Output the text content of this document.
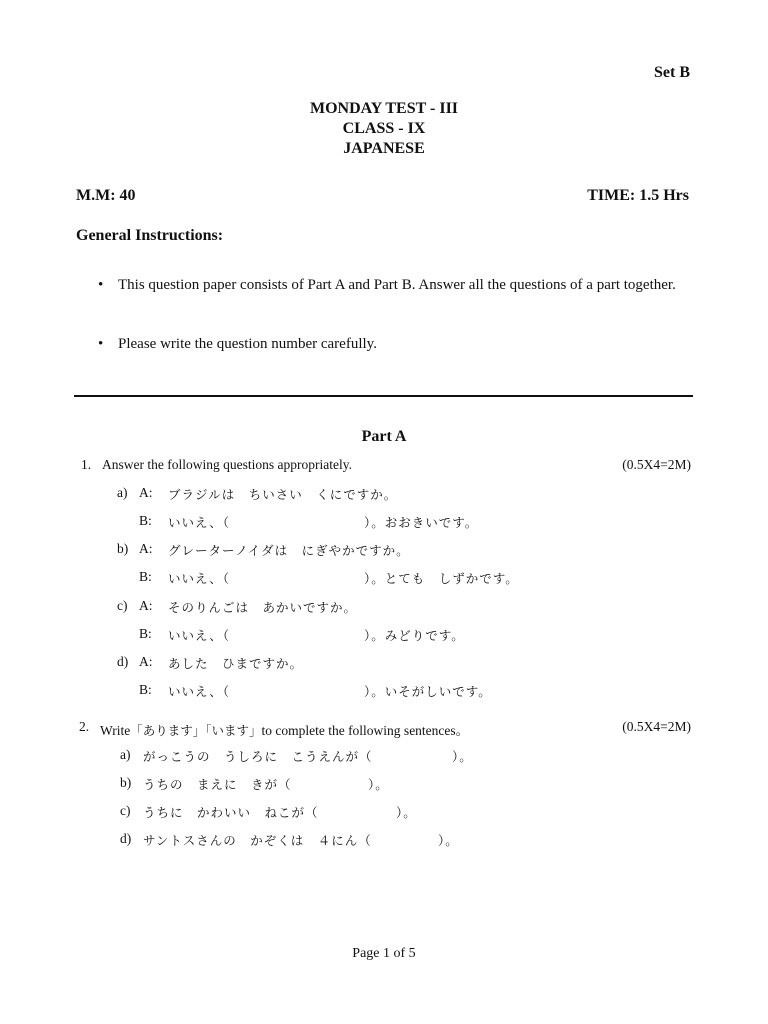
Set B
MONDAY TEST - III
CLASS - IX
JAPANESE
M.M: 40	TIME: 1.5 Hrs
General Instructions:
• This question paper consists of Part A and Part B. Answer all the questions of a part together.
• Please write the question number carefully.
Part A
1. Answer the following questions appropriately.	(0.5X4=2M)
a) A: ブラジルは　ちいさい　くにですか。
B: いいえ、（	）。おおきいです。
b) A: グレーターノイダは　にぎやかですか。
B: いいえ、（	）。とても　しずかです。
c) A: そのりんごは　あかいですか。
B: いいえ、（	）。みどりです。
d) A: あした　ひまですか。
B: いいえ、（	）。いそがしいです。
2. Write「あります」「います」to complete the following sentences。	(0.5X4=2M)
a) がっこうの　うしろに　こうえんが（	）。
b) うちの　まえに　きが（	）。
c) うちに　かわいい　ねこが（	）。
d) サントスさんの　かぞくは　４にん（	）。
Page 1 of 5
